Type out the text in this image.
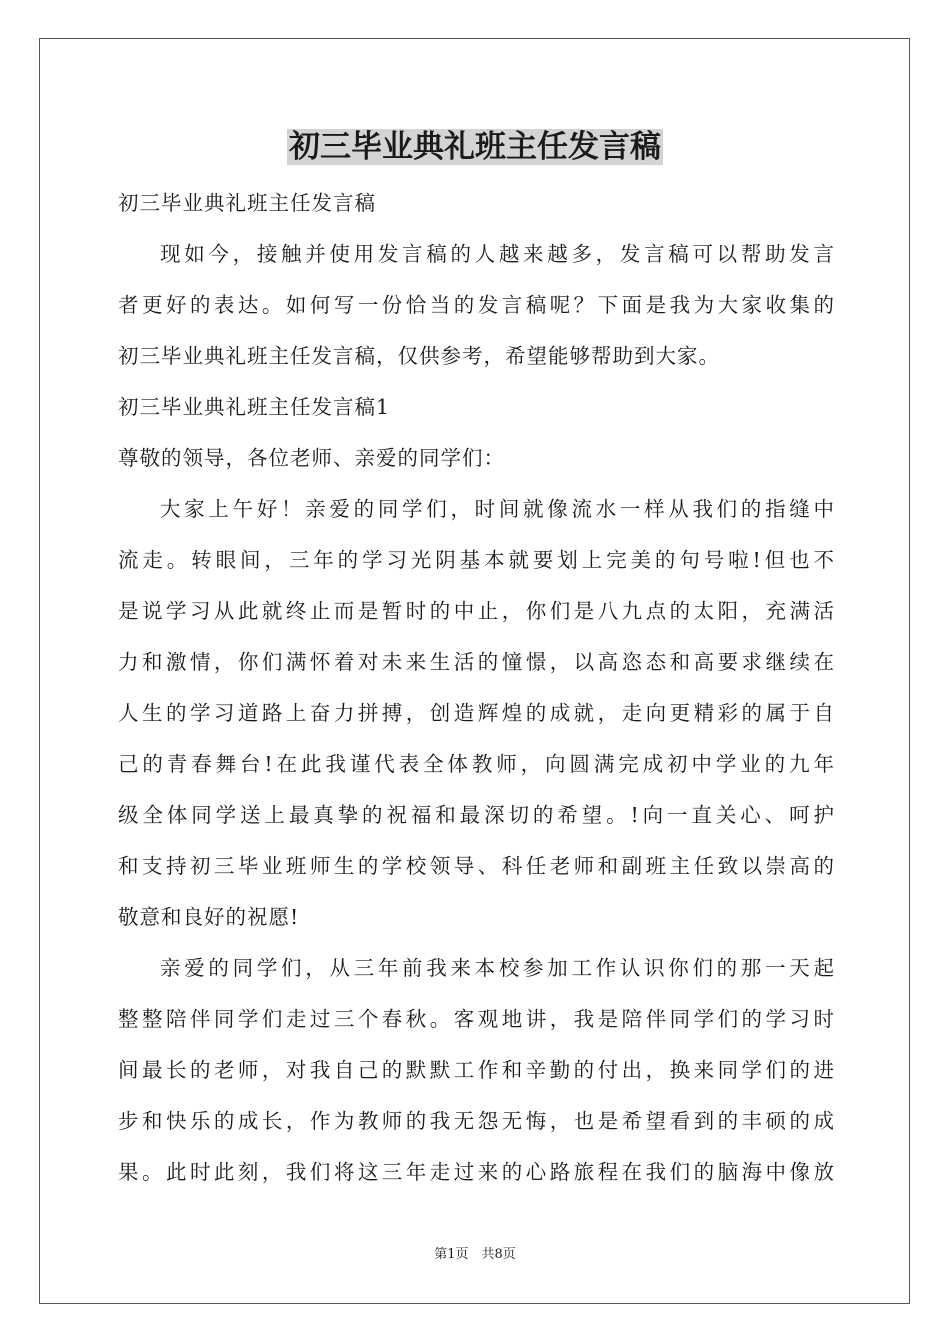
初三毕业典礼班主任发言稿

初三毕业典礼班主任发言稿

现如今，接触并使用发言稿的人越来越多，发言稿可以帮助发言

者更好的表达。如何写一份恰当的发言稿呢？下面是我为大家收集的

初三毕业典礼班主任发言稿，仅供参考，希望能够帮助到大家。

初三毕业典礼班主任发言稿1

尊敬的领导，各位老师、亲爱的同学们：

大家上午好！亲爱的同学们，时间就像流水一样从我们的指缝中

流走。转眼间，三年的学习光阴基本就要划上完美的句号啦!但也不

是说学习从此就终止而是暂时的中止，你们是八九点的太阳，充满活

力和激情，你们满怀着对未来生活的憧憬，以高恣态和高要求继续在

人生的学习道路上奋力拼搏，创造辉煌的成就，走向更精彩的属于自

己的青春舞台!在此我谨代表全体教师，向圆满完成初中学业的九年

级全体同学送上最真挚的祝福和最深切的希望。!向一直关心、呵护

和支持初三毕业班师生的学校领导、科任老师和副班主任致以崇高的

敬意和良好的祝愿!

亲爱的同学们，从三年前我来本校参加工作认识你们的那一天起

整整陪伴同学们走过三个春秋。客观地讲，我是陪伴同学们的学习时

间最长的老师，对我自己的默默工作和辛勤的付出，换来同学们的进

步和快乐的成长，作为教师的我无怨无悔，也是希望看到的丰硕的成

果。此时此刻，我们将这三年走过来的心路旅程在我们的脑海中像放

第1页　共8页
